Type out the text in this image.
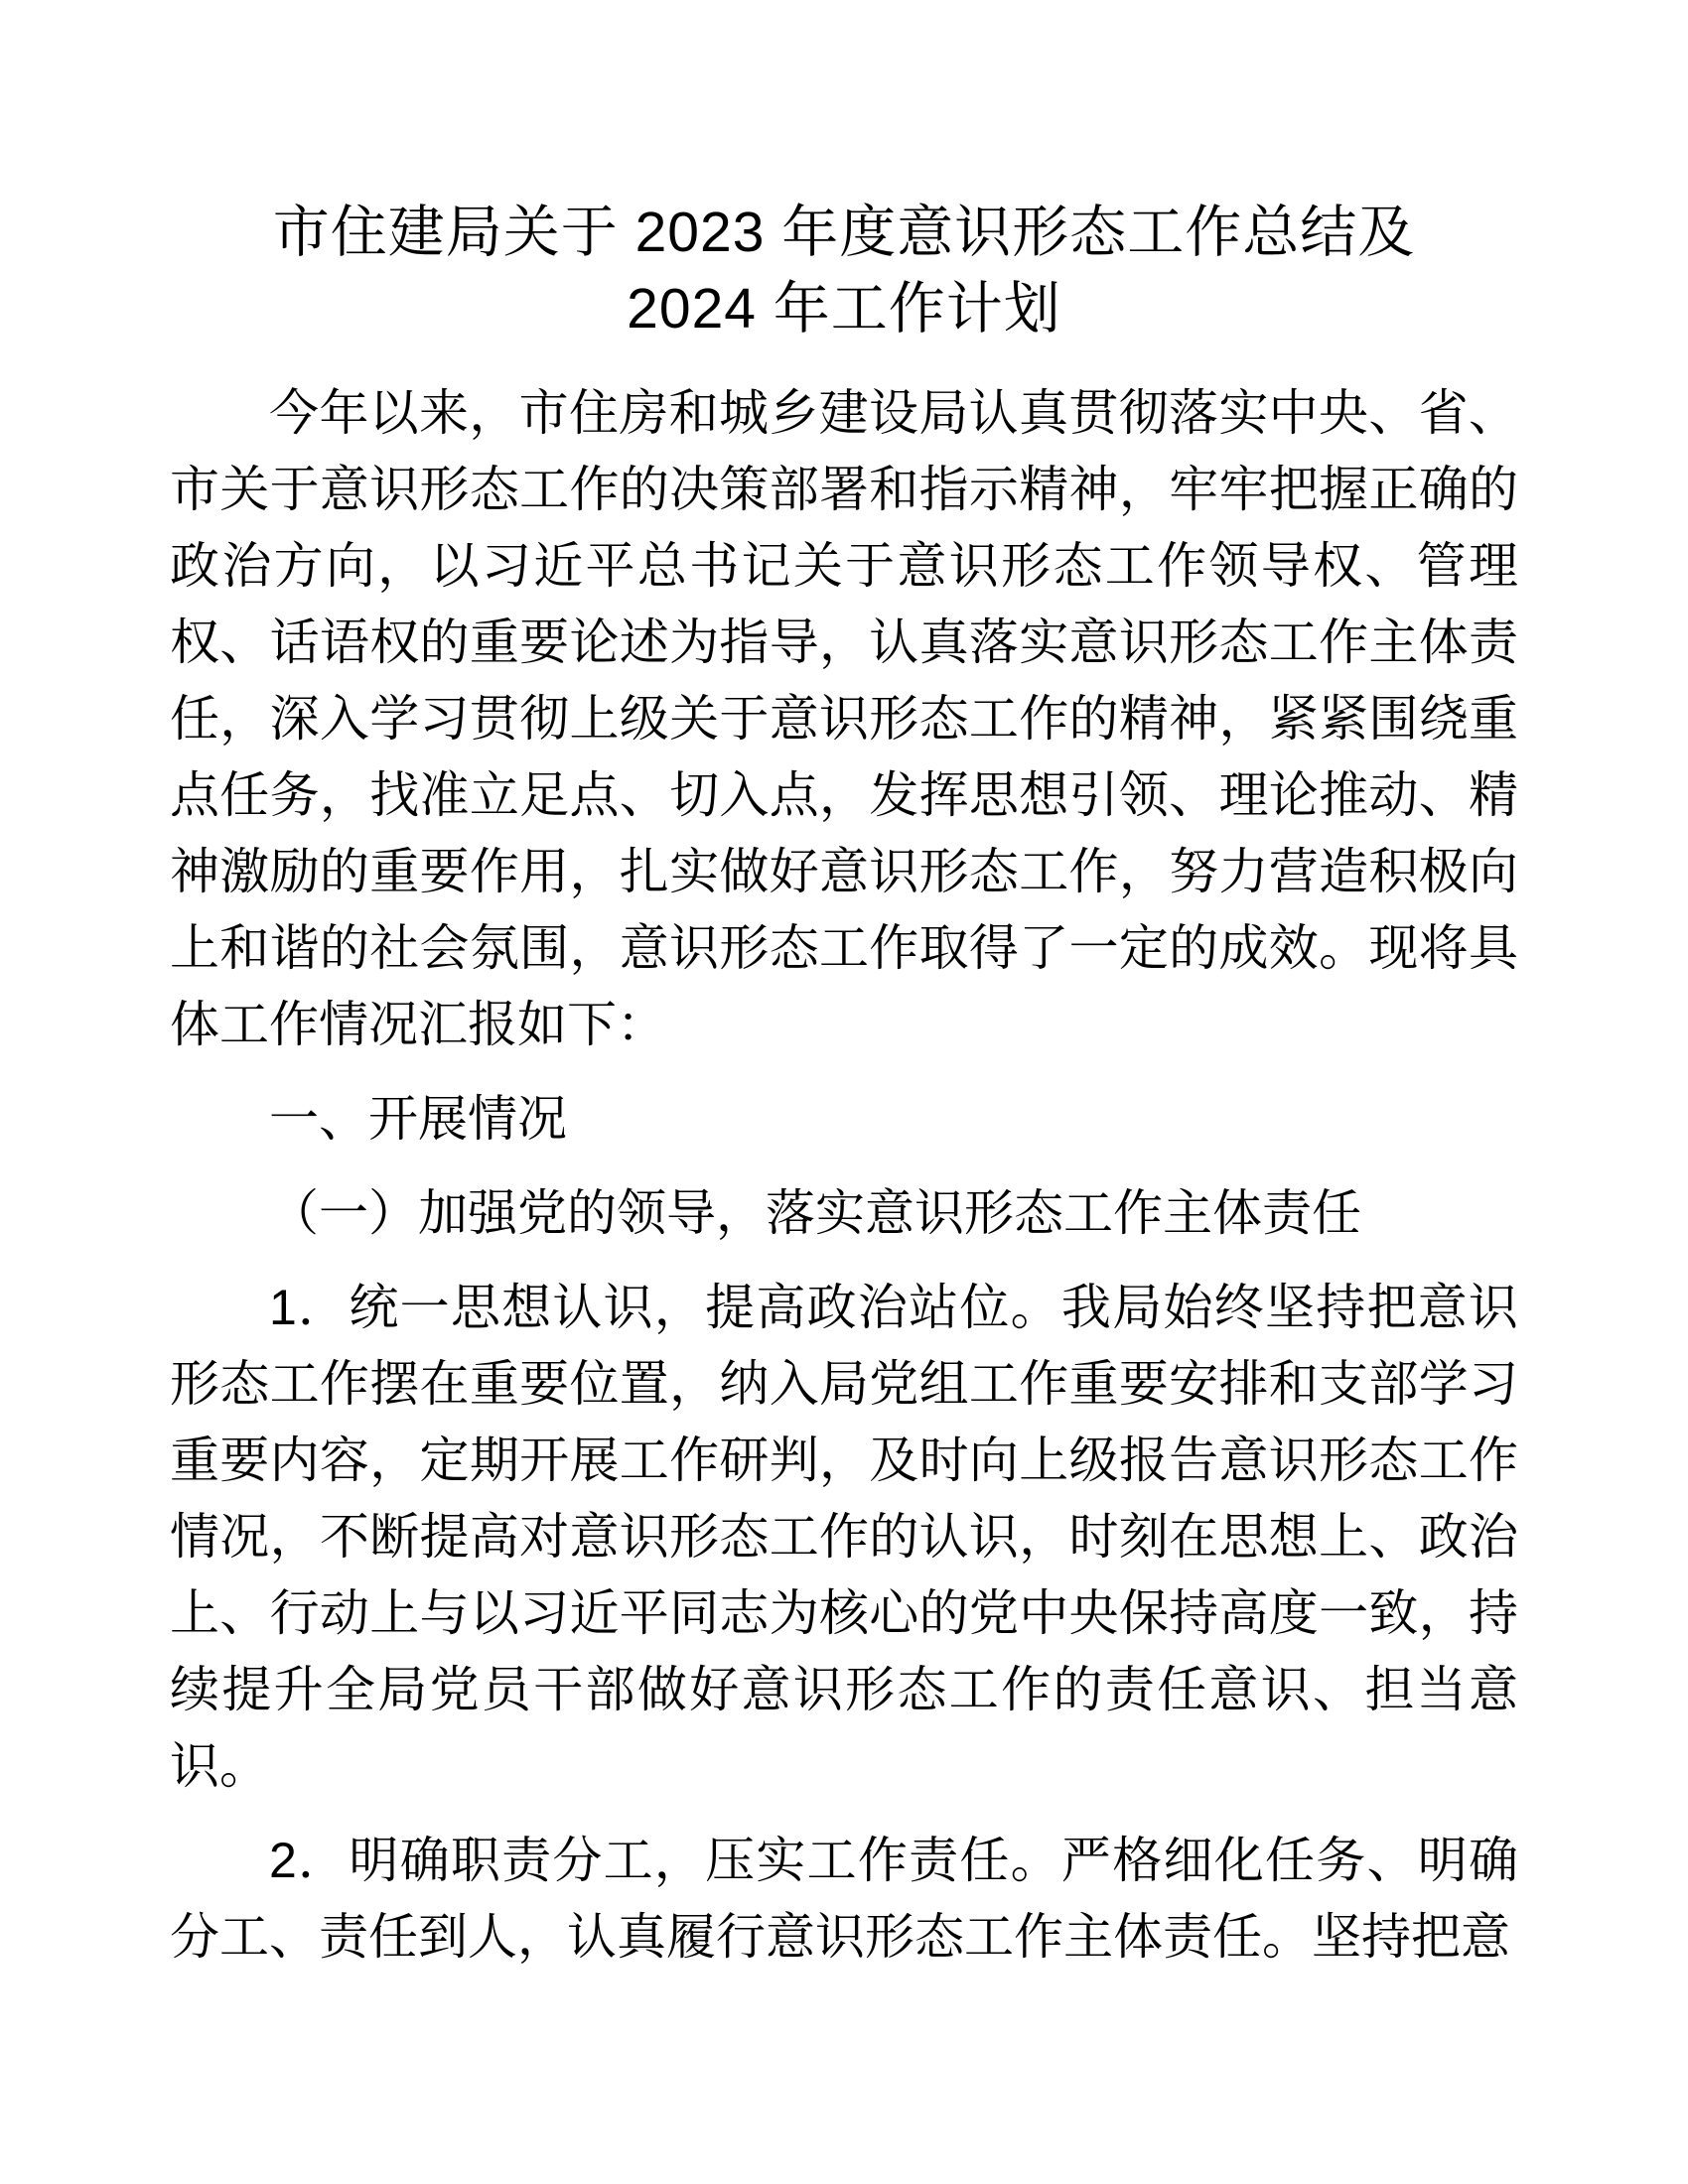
市住建局关于 2023 年度意识形态工作总结及
2024 年工作计划

今年以来，市住房和城乡建设局认真贯彻落实中央、省、市关于意识形态工作的决策部署和指示精神，牢牢把握正确的政治方向，以习近平总书记关于意识形态工作领导权、管理权、话语权的重要论述为指导，认真落实意识形态工作主体责任，深入学习贯彻上级关于意识形态工作的精神，紧紧围绕重点任务，找准立足点、切入点，发挥思想引领、理论推动、精神激励的重要作用，扎实做好意识形态工作，努力营造积极向上和谐的社会氛围，意识形态工作取得了一定的成效。现将具体工作情况汇报如下：

一、开展情况

（一）加强党的领导，落实意识形态工作主体责任

1．统一思想认识，提高政治站位。我局始终坚持把意识形态工作摆在重要位置，纳入局党组工作重要安排和支部学习重要内容，定期开展工作研判，及时向上级报告意识形态工作情况，不断提高对意识形态工作的认识，时刻在思想上、政治上、行动上与以习近平同志为核心的党中央保持高度一致，持续提升全局党员干部做好意识形态工作的责任意识、担当意识。

2．明确职责分工，压实工作责任。严格细化任务、明确分工、责任到人，认真履行意识形态工作主体责任。坚持把意
